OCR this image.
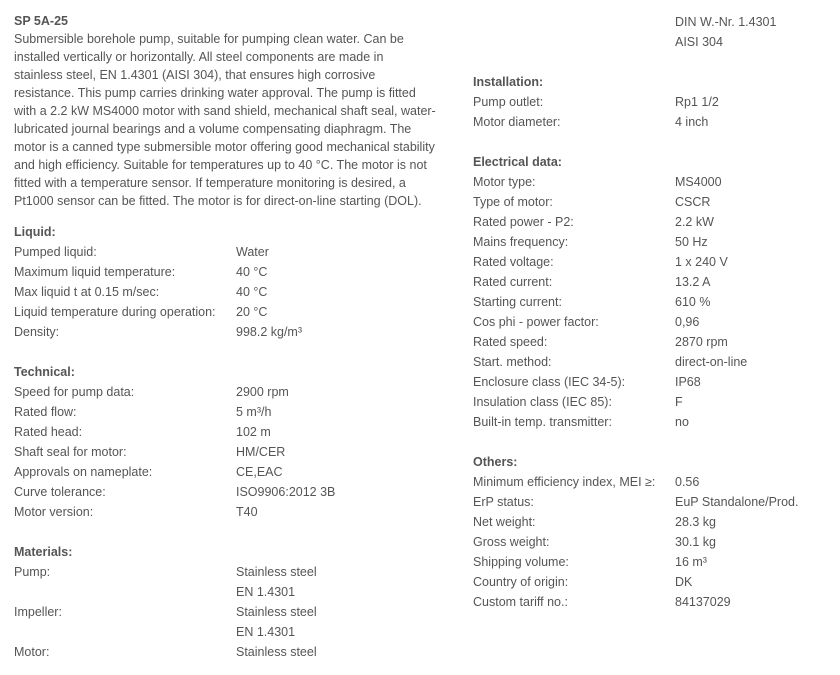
SP 5A-25
Submersible borehole pump, suitable for pumping clean water. Can be
installed vertically or horizontally. All steel components are made in
stainless steel, EN 1.4301 (AISI 304), that ensures high corrosive
resistance. This pump carries drinking water approval. The pump is fitted
with a 2.2 kW MS4000 motor with sand shield, mechanical shaft seal, water-
lubricated journal bearings and a volume compensating diaphragm. The
motor is a canned type submersible motor offering good mechanical stability
and high efficiency. Suitable for temperatures up to 40 °C. The motor is not
fitted with a temperature sensor. If temperature monitoring is desired, a
Pt1000 sensor can be fitted. The motor is for direct-on-line starting (DOL).
Liquid:
Pumped liquid:	Water
Maximum liquid temperature:	40 °C
Max liquid t at 0.15 m/sec:	40 °C
Liquid temperature during operation:	20 °C
Density:	998.2 kg/m³
Technical:
Speed for pump data:	2900 rpm
Rated flow:	5 m³/h
Rated head:	102 m
Shaft seal for motor:	HM/CER
Approvals on nameplate:	CE,EAC
Curve tolerance:	ISO9906:2012 3B
Motor version:	T40
Materials:
Pump:	Stainless steel
EN 1.4301
Impeller:	Stainless steel
EN 1.4301
Motor:	Stainless steel
DIN W.-Nr. 1.4301
AISI 304
Installation:
Pump outlet:	Rp1 1/2
Motor diameter:	4 inch
Electrical data:
Motor type:	MS4000
Type of motor:	CSCR
Rated power - P2:	2.2 kW
Mains frequency:	50 Hz
Rated voltage:	1 x 240 V
Rated current:	13.2 A
Starting current:	610 %
Cos phi - power factor:	0,96
Rated speed:	2870 rpm
Start. method:	direct-on-line
Enclosure class (IEC 34-5):	IP68
Insulation class (IEC 85):	F
Built-in temp. transmitter:	no
Others:
Minimum efficiency index, MEI ≥:	0.56
ErP status:	EuP Standalone/Prod.
Net weight:	28.3 kg
Gross weight:	30.1 kg
Shipping volume:	16 m³
Country of origin:	DK
Custom tariff no.:	84137029
